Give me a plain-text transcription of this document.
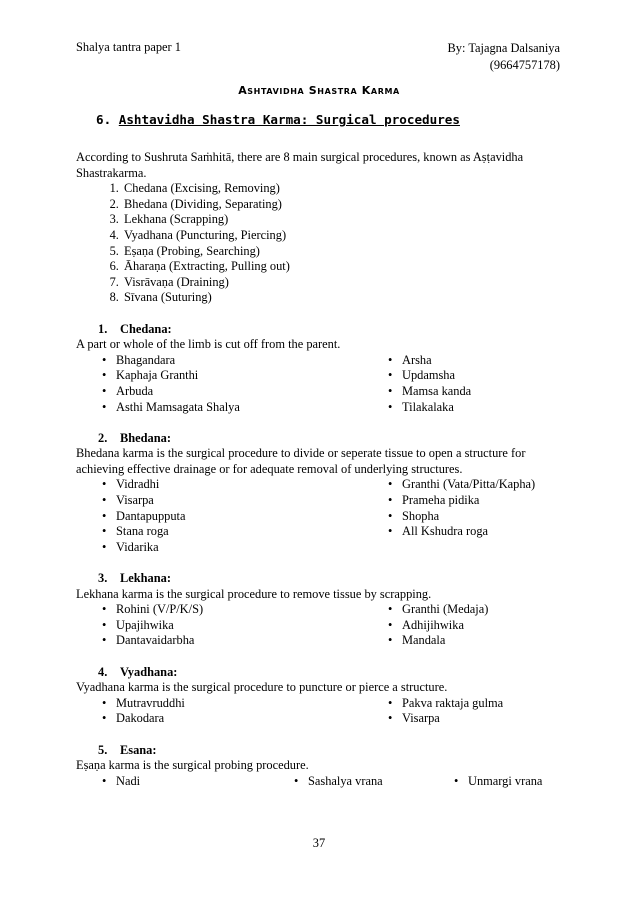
Shalya tantra paper 1	By: Tajagna Dalsaniya
(9664757178)
Ashtavidha Shastra Karma
6. Ashtavidha Shastra Karma: Surgical procedures

According to Sushruta Saṁhitā, there are 8 main surgical procedures, known as Aṣṭavidha Shastrakarma.

1. Chedana (Excising, Removing)
2. Bhedana (Dividing, Separating)
3. Lekhana (Scrapping)
4. Vyadhana (Puncturing, Piercing)
5. Eṣaṇa (Probing, Searching)
6. Āharaṇa (Extracting, Pulling out)
7. Visrāvaṇa (Draining)
8. Sīvana (Suturing)
1. Chedana:

A part or whole of the limb is cut off from the parent.

• Bhagandara	• Arsha
• Kaphaja Granthi	• Updamsha
• Arbuda	• Mamsa kanda
• Asthi Mamsagata Shalya	• Tilakalaka
2. Bhedana:

Bhedana karma is the surgical procedure to divide or seperate tissue to open a structure for achieving effective drainage or for adequate removal of underlying structures.

• Vidradhi	• Granthi (Vata/Pitta/Kapha)
• Visarpa	• Prameha pidika
• Dantapupputa	• Shopha
• Stana roga	• All Kshudra roga
• Vidarika
3. Lekhana:

Lekhana karma is the surgical procedure to remove tissue by scrapping.

• Rohini (V/P/K/S)	• Granthi (Medaja)
• Upajihwika	• Adhijihwika
• Dantavaidarbha	• Mandala
4. Vyadhana:

Vyadhana karma is the surgical procedure to puncture or pierce a structure.

• Mutravruddhi	• Pakva raktaja gulma
• Dakodara	• Visarpa
5. Esana:

Eṣaṇa karma is the surgical probing procedure.

• Nadi	• Sashalya vrana	• Unmargi vrana
37
